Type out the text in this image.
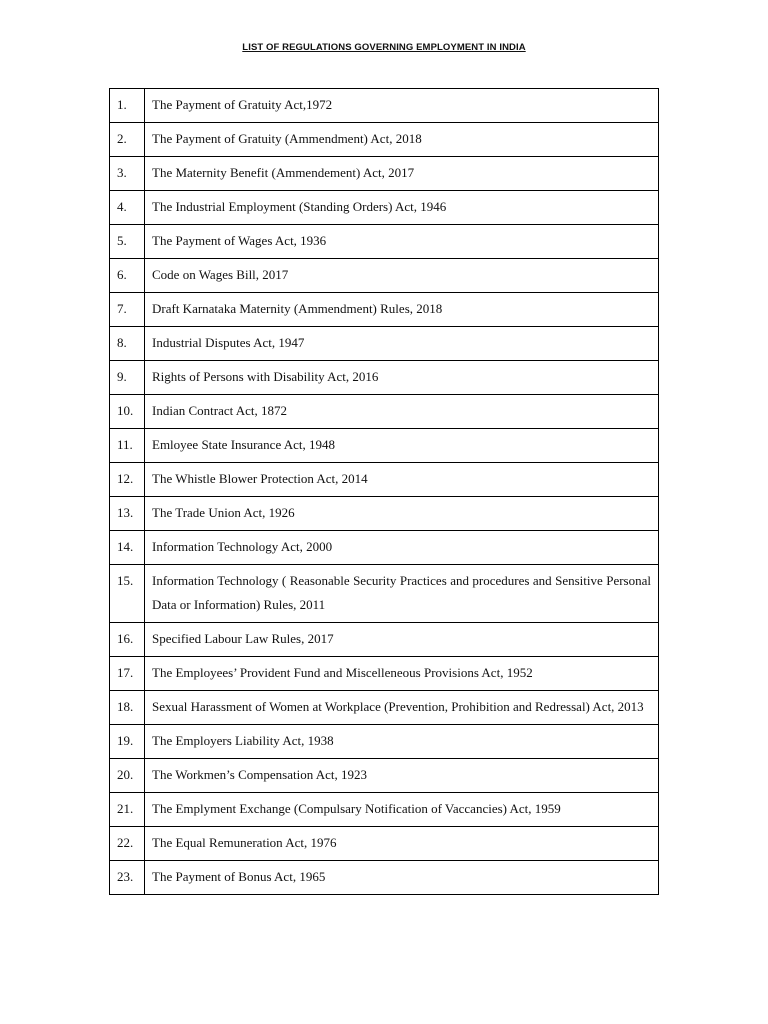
LIST OF REGULATIONS GOVERNING EMPLOYMENT IN INDIA
1.	The Payment of Gratuity Act,1972
2.	The Payment of Gratuity (Ammendment) Act, 2018
3.	The Maternity Benefit (Ammendement) Act, 2017
4.	The Industrial Employment (Standing Orders) Act, 1946
5.	The Payment of Wages Act, 1936
6.	Code on Wages Bill, 2017
7.	Draft Karnataka Maternity (Ammendment) Rules, 2018
8.	Industrial Disputes Act, 1947
9.	Rights of Persons with Disability Act, 2016
10.	Indian Contract Act, 1872
11.	Emloyee State Insurance Act, 1948
12.	The Whistle Blower Protection Act, 2014
13.	The Trade Union Act, 1926
14.	Information Technology Act, 2000
15.	Information Technology ( Reasonable Security Practices and procedures and Sensitive Personal Data or Information) Rules, 2011
16.	Specified Labour Law Rules, 2017
17.	The Employees’ Provident Fund and Miscelleneous Provisions Act, 1952
18.	Sexual Harassment of Women at Workplace (Prevention, Prohibition and Redressal) Act, 2013
19.	The Employers Liability Act, 1938
20.	The Workmen’s Compensation Act, 1923
21.	The Emplyment Exchange (Compulsary Notification of Vaccancies) Act, 1959
22.	The Equal Remuneration Act, 1976
23.	The Payment of Bonus Act, 1965
